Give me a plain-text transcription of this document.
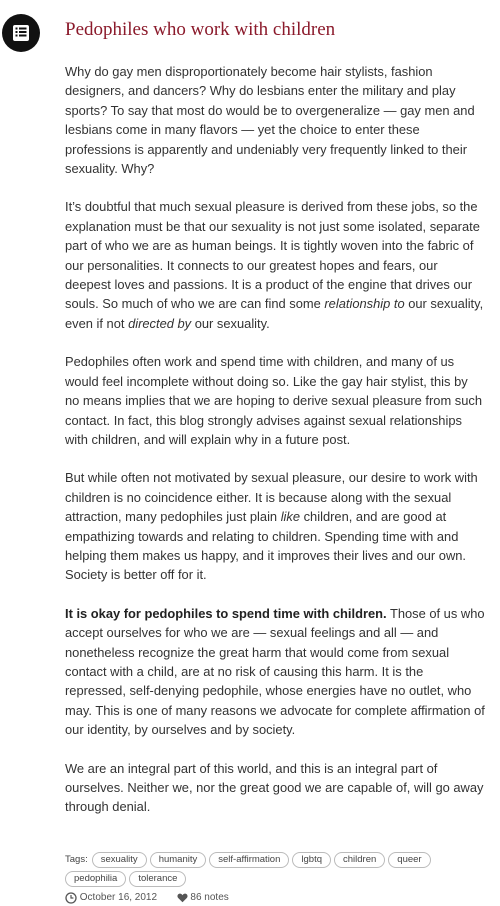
Pedophiles who work with children

Why do gay men disproportionately become hair stylists, fashion designers, and dancers? Why do lesbians enter the military and play sports? To say that most do would be to overgeneralize — gay men and lesbians come in many flavors — yet the choice to enter these professions is apparently and undeniably very frequently linked to their sexuality. Why?

It’s doubtful that much sexual pleasure is derived from these jobs, so the explanation must be that our sexuality is not just some isolated, separate part of who we are as human beings. It is tightly woven into the fabric of our personalities. It connects to our greatest hopes and fears, our deepest loves and passions. It is a product of the engine that drives our souls. So much of who we are can find some relationship to our sexuality, even if not directed by our sexuality.

Pedophiles often work and spend time with children, and many of us would feel incomplete without doing so. Like the gay hair stylist, this by no means implies that we are hoping to derive sexual pleasure from such contact. In fact, this blog strongly advises against sexual relationships with children, and will explain why in a future post.

But while often not motivated by sexual pleasure, our desire to work with children is no coincidence either. It is because along with the sexual attraction, many pedophiles just plain like children, and are good at empathizing towards and relating to children. Spending time with and helping them makes us happy, and it improves their lives and our own. Society is better off for it.

It is okay for pedophiles to spend time with children. Those of us who accept ourselves for who we are — sexual feelings and all — and nonetheless recognize the great harm that would come from sexual contact with a child, are at no risk of causing this harm. It is the repressed, self-denying pedophile, whose energies have no outlet, who may. This is one of many reasons we advocate for complete affirmation of our identity, by ourselves and by society.

We are an integral part of this world, and this is an integral part of ourselves. Neither we, nor the great good we are capable of, will go away through denial.

Tags: sexuality humanity self-affirmation lgbtq children queerpedophilia tolerance
October 16, 2012	86 notes
